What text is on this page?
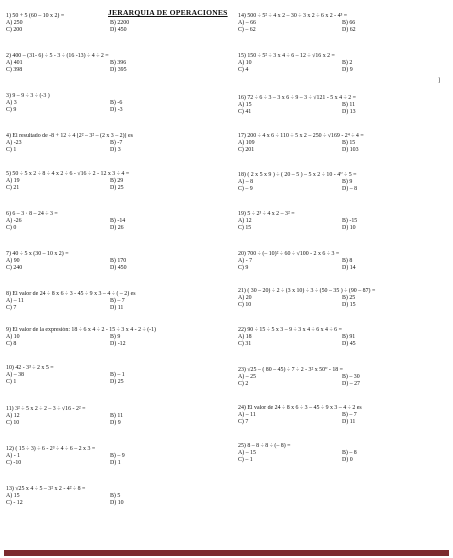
JERARQUIA DE OPERACIONES
1) 50 + 5 (60 – 10 x 2) =
A) 250	B) 2200
C) 200	D) 450
2) 400 – (31- 6) ÷ 5 - 3 ÷ (16 -13) ÷ 4 ÷ 2 =
A) 401	B) 396
C) 398	D) 395
3) 9 – 9 ÷ 3 ÷ (-3 )
A) 3	B) -6
C) 9	D) -3
4) El resultado de -8 + 12 ÷ 4 [2² – 3² – (2 x 3 – 2)] es
A) -23	B) -7
C) 1	D) 3
5) 50 ÷ 5 x 2 ÷ 8 ÷ 4 x 2 ÷ 6 - √16 ÷ 2 - 12 x 3 ÷ 4 =
A) 19	B) 29
C) 21	D) 25
6) 6 – 3 · 8 – 24 ÷ 3 =
A) -26	B) -14
C) 0	D) 26
7) 40 ÷ 5 x (30 – 10 x 2) =
A) 90	B) 170
C) 240	D) 450
8) El valor de 24 ÷ 8 x 6 ÷ 3 - 45 ÷ 9 x 3 – 4 ÷ ( – 2) es
A) – 11	B) – 7
C) 7	D) 11
9) El valor de la expresión: 18 ÷ 6 x 4 ÷ 2 - 15 ÷ 3 x 4 - 2 ÷ (-1)
A) 10	B) 9
C) 8	D) -12
10) 42 - 3³ ÷ 2 x 5 =
A) – 38	B) – 1
C) 1	D) 25
11) 3² ÷ 5 x 2 ÷ 2 – 3 ÷ √16 - 2² =
A) 12	B) 11
C) 10	D) 9
12) ( 15 ÷ 3) ÷ 6 - 2³ ÷ 4 ÷ 6 – 2 x 3 =
A) - 1	B) – 9
C) -10	D) 1
13) √25 x 4 ÷ 5 – 3² x 2 - 4² ÷ 8 =
A) 15	B) 5
C) - 12	D) 10
14) 500 ÷ 5² ÷ 4 x 2 – 30 ÷ 3 x 2 ÷ 6 x 2 - 4³ =
A) – 66	B) 66
C) – 62	D) 62
15) 150 ÷ 5² ÷ 3 x 4 ÷ 6 – 12 ÷ √16 x 2 =
A) 10	B) 2
C) 4	D) 9
16) 72 ÷ 6 ÷ 3 – 3 x 6 ÷ 9 – 3 ÷ √121 - 5 x 4 ÷ 2 =
A) 15	B) 11
C) 41	D) 13
17) 200 ÷ 4 x 6 ÷ 110 ÷ 5 x 2 – 250 ÷ √169 - 2⁴ ÷ 4 =
A) 109	B) 15
C) 201	D) 103
18) ( 2 x 5 x 9 ) ÷ ( 20 – 5 ) – 5 x 2 ÷ 10 - 4⁰ ÷ 5 =
A) – 8	B) 9
C) – 9	D) – 8
19) 5 ÷ 2³ ÷ 4 x 2 – 3² =
A) 12	B) -15
C) 15	D) 10
20) 700 ÷ (– 10)² ÷ 60 ÷ √100 - 2 x 6 ÷ 3 =
A) - 7	B) 8
C) 9	D) 14
21) ( 30 – 20) ÷ 2 ÷ (3 x 10) ÷ 3 ÷ (50 – 35 ) ÷ (90 – 87) =
A) 20	B) 25
C) 10	D) 15
22) 90 ÷ 15 ÷ 5 x 3 – 9 ÷ 3 x 4 ÷ 6 x 4 ÷ 6 =
A) 18	B) 91
C) 31	D) 45
23) √25 – ( 80 – 45) ÷ 7 ÷ 2 - 3² x 50⁰ - 18 =
A) – 25	B) – 30
C) 2	D) – 27
24) El valor de 24 ÷ 8 x 6 ÷ 3 – 45 ÷ 9 x 3 – 4 ÷ 2 es
A) – 11	B) – 7
C) 7	D) 11
25) 8 – 8 ÷ 8 ÷ (– 8) =
A) – 15	B) – 8
C) – 1	D) 0
]
